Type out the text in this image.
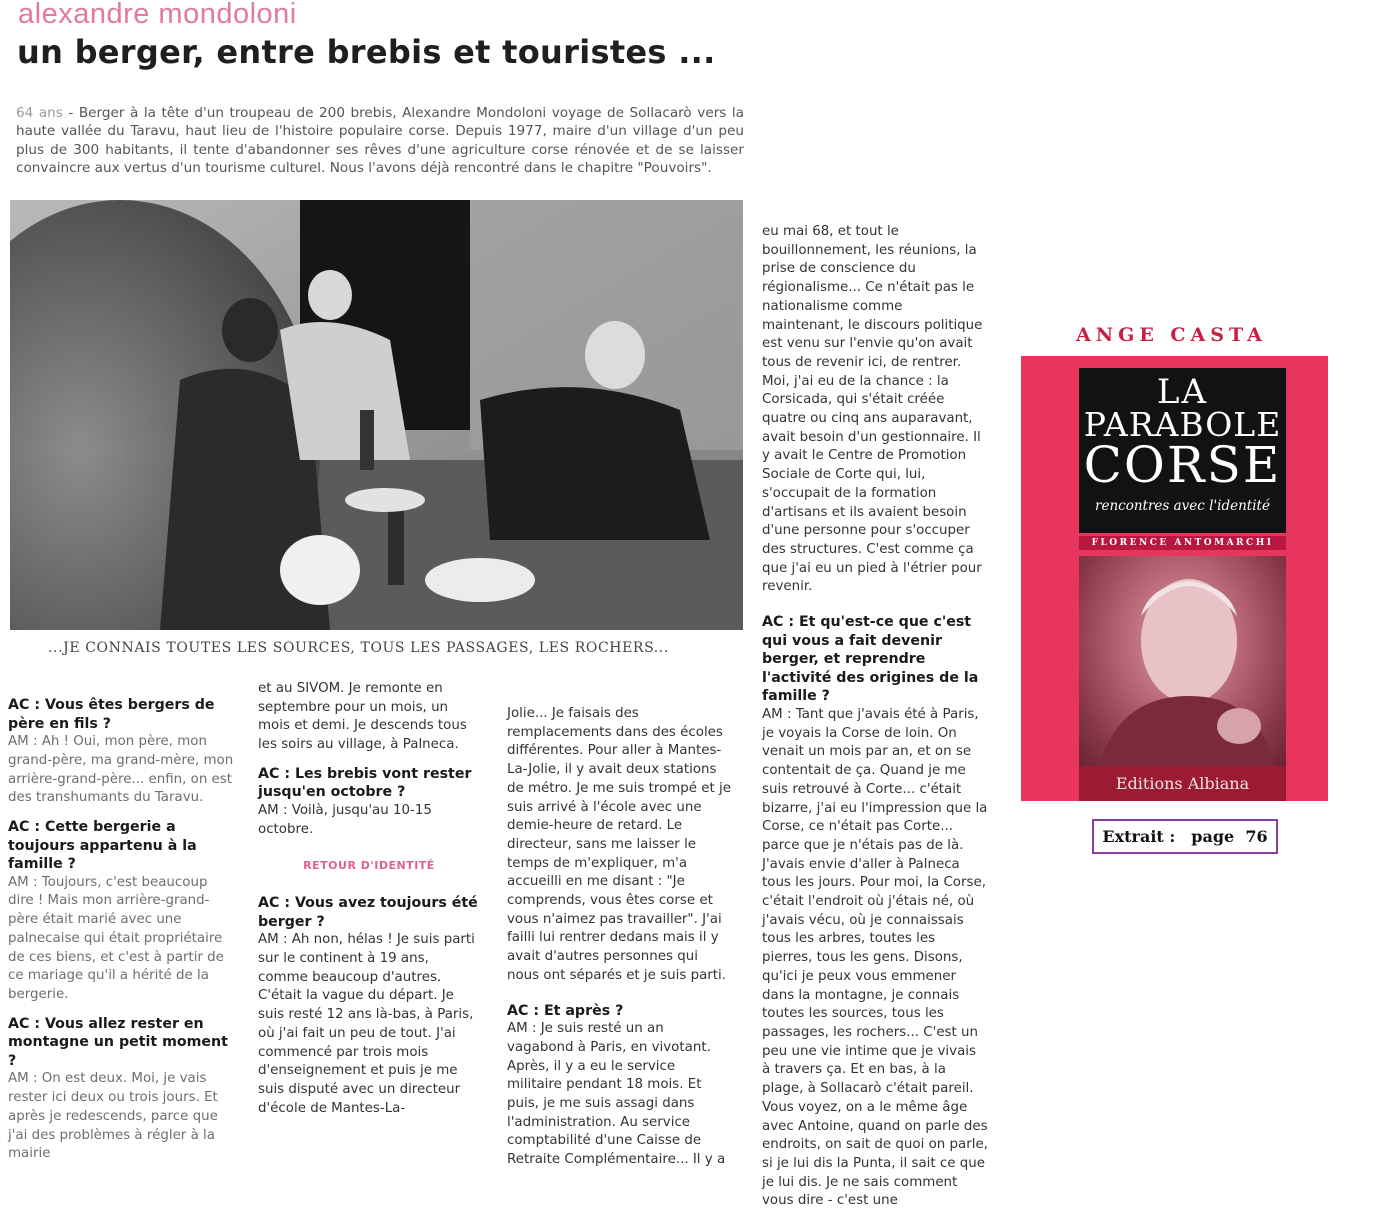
alexandre mondoloni
un berger, entre brebis et touristes ...
64 ans - Berger à la tête d'un troupeau de 200 brebis, Alexandre Mondoloni voyage de Sollacarò vers la haute vallée du Taravu, haut lieu de l'histoire populaire corse. Depuis 1977, maire d'un village d'un peu plus de 300 habitants, il tente d'abandonner ses rêves d'une agriculture corse rénovée et de se laisser convaincre aux vertus d'un tourisme culturel. Nous l'avons déjà rencontré dans le chapitre "Pouvoirs".
...JE CONNAIS TOUTES LES SOURCES, TOUS LES PASSAGES, LES ROCHERS...
AC : Vous êtes bergers de père en fils ?

AM : Ah ! Oui, mon père, mon grand-père, ma grand-mère, mon arrière-grand-père... enfin, on est des transhumants du Taravu.

AC : Cette bergerie a toujours appartenu à la famille ?

AM : Toujours, c'est beaucoup dire ! Mais mon arrière-grand-père était marié avec une palnecaise qui était propriétaire de ces biens, et c'est à partir de ce mariage qu'il a hérité de la bergerie.

AC : Vous allez rester en montagne un petit moment ?

AM : On est deux. Moi, je vais rester ici deux ou trois jours. Et après je redescends, parce que j'ai des problèmes à régler à la mairie

et au SIVOM. Je remonte en septembre pour un mois, un mois et demi. Je descends tous les soirs au village, à Palneca.

AC : Les brebis vont rester jusqu'en octobre ?

AM : Voilà, jusqu'au 10-15 octobre.

RETOUR D'IDENTITÉ
AC : Vous avez toujours été berger ?

AM : Ah non, hélas ! Je suis parti sur le continent à 19 ans, comme beaucoup d'autres. C'était la vague du départ. Je suis resté 12 ans là-bas, à Paris, où j'ai fait un peu de tout. J'ai commencé par trois mois d'enseignement et puis je me suis disputé avec un directeur d'école de Mantes-La-

Jolie... Je faisais des remplacements dans des écoles différentes. Pour aller à Mantes-La-Jolie, il y avait deux stations de métro. Je me suis trompé et je suis arrivé à l'école avec une demie-heure de retard. Le directeur, sans me laisser le temps de m'expliquer, m'a accueilli en me disant : "Je comprends, vous êtes corse et vous n'aimez pas travailler". J'ai failli lui rentrer dedans mais il y avait d'autres personnes qui nous ont séparés et je suis parti.

AC : Et après ?

AM : Je suis resté un an vagabond à Paris, en vivotant. Après, il y a eu le service militaire pendant 18 mois. Et puis, je me suis assagi dans l'administration. Au service comptabilité d'une Caisse de Retraite Complémentaire... Il y a

eu mai 68, et tout le bouillonnement, les réunions, la prise de conscience du régionalisme... Ce n'était pas le nationalisme comme maintenant, le discours politique est venu sur l'envie qu'on avait tous de revenir ici, de rentrer. Moi, j'ai eu de la chance : la Corsicada, qui s'était créée quatre ou cinq ans auparavant, avait besoin d'un gestionnaire. Il y avait le Centre de Promotion Sociale de Corte qui, lui, s'occupait de la formation d'artisans et ils avaient besoin d'une personne pour s'occuper des structures. C'est comme ça que j'ai eu un pied à l'étrier pour revenir.

AC : Et qu'est-ce que c'est qui vous a fait devenir berger, et reprendre l'activité des origines de la famille ?

AM : Tant que j'avais été à Paris, je voyais la Corse de loin. On venait un mois par an, et on se contentait de ça. Quand je me suis retrouvé à Corte... c'était bizarre, j'ai eu l'impression que la Corse, ce n'était pas Corte... parce que je n'étais pas de là. J'avais envie d'aller à Palneca tous les jours. Pour moi, la Corse, c'était l'endroit où j'étais né, où j'avais vécu, où je connaissais tous les arbres, toutes les pierres, tous les gens. Disons, qu'ici je peux vous emmener dans la montagne, je connais toutes les sources, tous les passages, les rochers... C'est un peu une vie intime que je vivais à travers ça. Et en bas, à la plage, à Sollacarò c'était pareil. Vous voyez, on a le même âge avec Antoine, quand on parle des endroits, on sait de quoi on parle, si je lui dis la Punta, il sait ce que je lui dis. Je ne sais comment vous dire - c'est une

ANGE CASTA
LA
PARABOLE
CORSE
rencontres avec l'identité
FLORENCE ANTOMARCHI
Editions Albiana
Extrait : page  76
